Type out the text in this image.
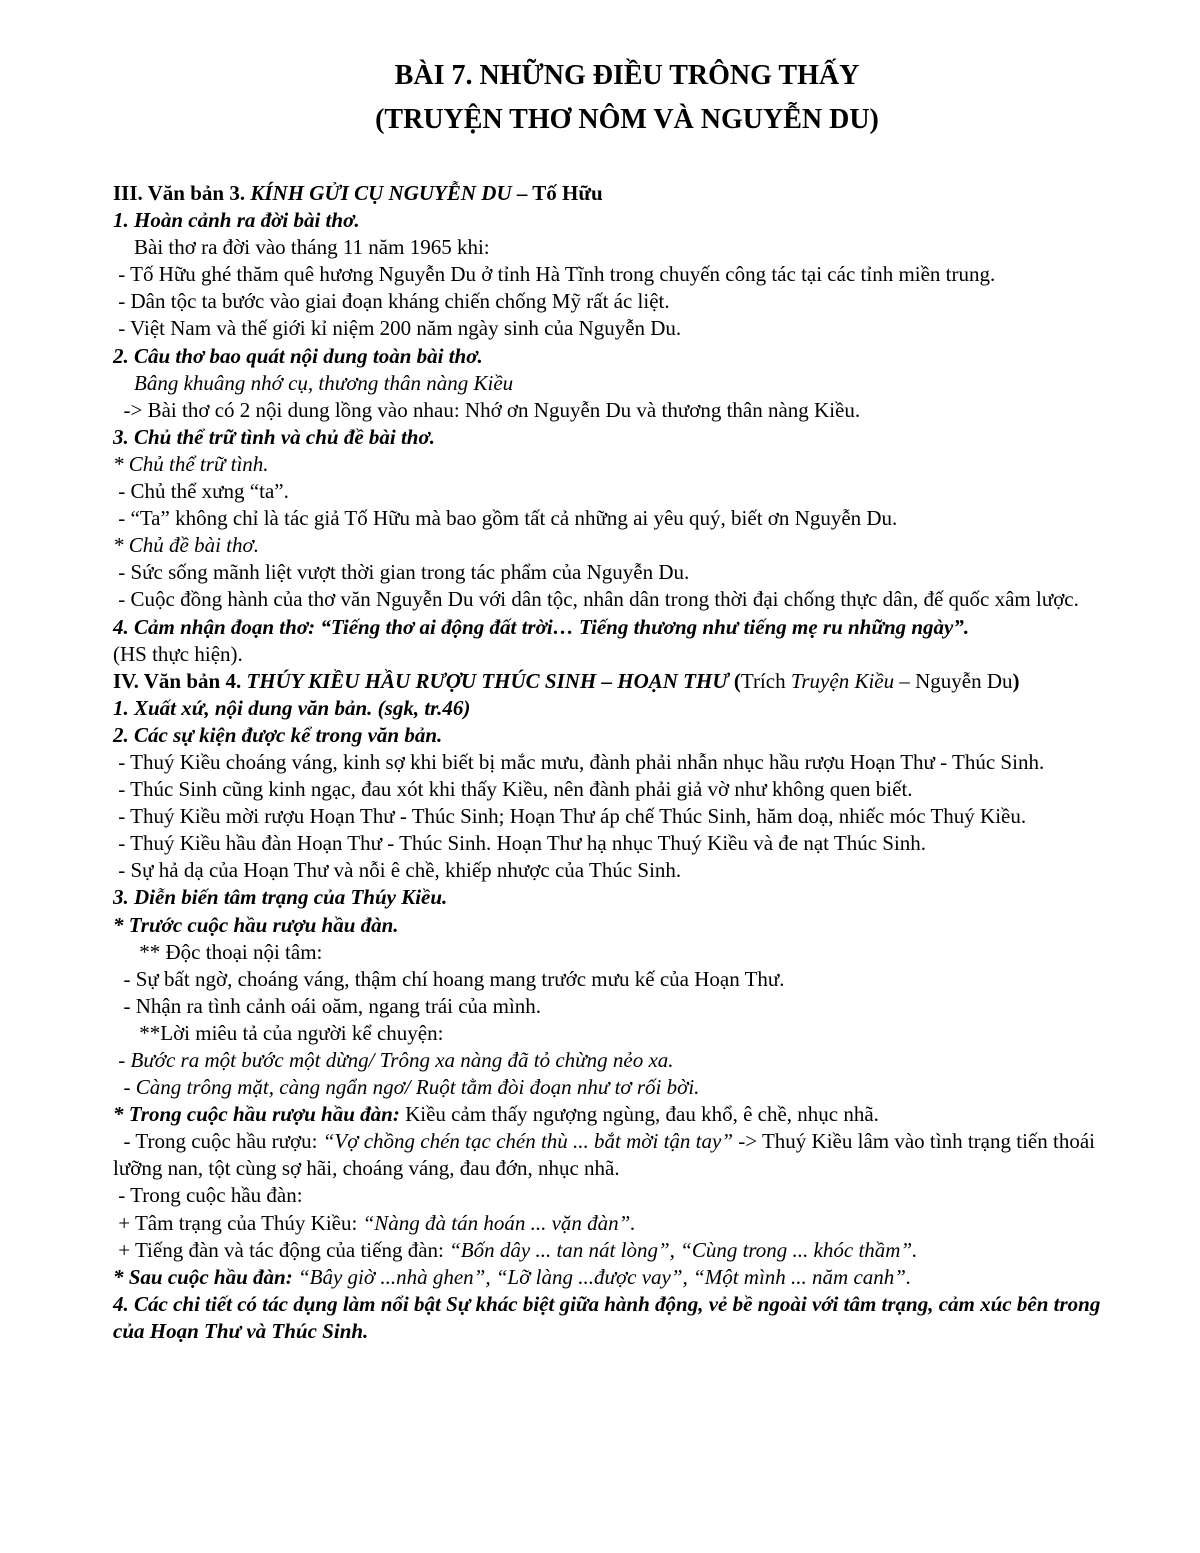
BÀI 7. NHỮNG ĐIỀU TRÔNG THẤY
(TRUYỆN THƠ NÔM VÀ NGUYỄN DU)
III. Văn bản 3. KÍNH GỬI CỤ NGUYỄN DU – Tố Hữu
1. Hoàn cảnh ra đời bài thơ.
Bài thơ ra đời vào tháng 11 năm 1965 khi:
- Tố Hữu ghé thăm quê hương Nguyễn Du ở tỉnh Hà Tĩnh trong chuyến công tác tại các tỉnh miền trung.
- Dân tộc ta bước vào giai đoạn kháng chiến chống Mỹ rất ác liệt.
- Việt Nam và thế giới kỉ niệm 200 năm ngày sinh của Nguyễn Du.
2. Câu thơ bao quát nội dung toàn bài thơ.
Bâng khuâng nhớ cụ, thương thân nàng Kiều
-> Bài thơ có 2 nội dung lồng vào nhau: Nhớ ơn Nguyễn Du và thương thân nàng Kiều.
3. Chủ thể trữ tình và chủ đề bài thơ.
* Chủ thể trữ tình.
- Chủ thể xưng “ta”.
- “Ta” không chỉ là tác giả Tố Hữu mà bao gồm tất cả những ai yêu quý, biết ơn Nguyễn Du.
* Chủ đề bài thơ.
- Sức sống mãnh liệt vượt thời gian trong tác phẩm của Nguyễn Du.
- Cuộc đồng hành của thơ văn Nguyễn Du với dân tộc, nhân dân trong thời đại chống thực dân, đế quốc xâm lược.
4. Cảm nhận đoạn thơ: “Tiếng thơ ai động đất trời… Tiếng thương như tiếng mẹ ru những ngày”.
(HS thực hiện).
IV. Văn bản 4. THÚY KIỀU HẦU RƯỢU THÚC SINH – HOẠN THƯ (Trích Truyện Kiều – Nguyễn Du)
1. Xuất xứ, nội dung văn bản. (sgk, tr.46)
2. Các sự kiện được kể trong văn bản.
- Thuý Kiều choáng váng, kinh sợ khi biết bị mắc mưu, đành phải nhẫn nhục hầu rượu Hoạn Thư - Thúc Sinh.
- Thúc Sinh cũng kinh ngạc, đau xót khi thấy Kiều, nên đành phải giả vờ như không quen biết.
- Thuý Kiều mời rượu Hoạn Thư - Thúc Sinh; Hoạn Thư áp chế Thúc Sinh, hăm doạ, nhiếc móc Thuý Kiều.
- Thuý Kiều hầu đàn Hoạn Thư - Thúc Sinh. Hoạn Thư hạ nhục Thuý Kiều và đe nạt Thúc Sinh.
- Sự hả dạ của Hoạn Thư và nỗi ê chề, khiếp nhược của Thúc Sinh.
3. Diễn biến tâm trạng của Thúy Kiều.
* Trước cuộc hầu rượu hầu đàn.
** Độc thoại nội tâm:
- Sự bất ngờ, choáng váng, thậm chí hoang mang trước mưu kế của Hoạn Thư.
- Nhận ra tình cảnh oái oăm, ngang trái của mình.
**Lời miêu tả của người kể chuyện:
- Bước ra một bước một dừng/ Trông xa nàng đã tỏ chừng nẻo xa.
- Càng trông mặt, càng ngẩn ngơ/ Ruột tằm đòi đoạn như tơ rối bời.
* Trong cuộc hầu rượu hầu đàn: Kiều cảm thấy ngượng ngùng, đau khổ, ê chề, nhục nhã.
- Trong cuộc hầu rượu: “Vợ chồng chén tạc chén thù ... bắt mời tận tay” -> Thuý Kiều lâm vào tình trạng tiến thoái lưỡng nan, tột cùng sợ hãi, choáng váng, đau đớn, nhục nhã.
- Trong cuộc hầu đàn:
+ Tâm trạng của Thúy Kiều: “Nàng đà tán hoán ... vặn đàn”.
+ Tiếng đàn và tác động của tiếng đàn: “Bốn dây ... tan nát lòng”, “Cùng trong ... khóc thầm”.
* Sau cuộc hầu đàn: “Bây giờ ...nhà ghen”, “Lỡ làng ...được vay”, “Một mình ... năm canh”.
4. Các chi tiết có tác dụng làm nổi bật Sự khác biệt giữa hành động, vẻ bề ngoài với tâm trạng, cảm xúc bên trong của Hoạn Thư và Thúc Sinh.
